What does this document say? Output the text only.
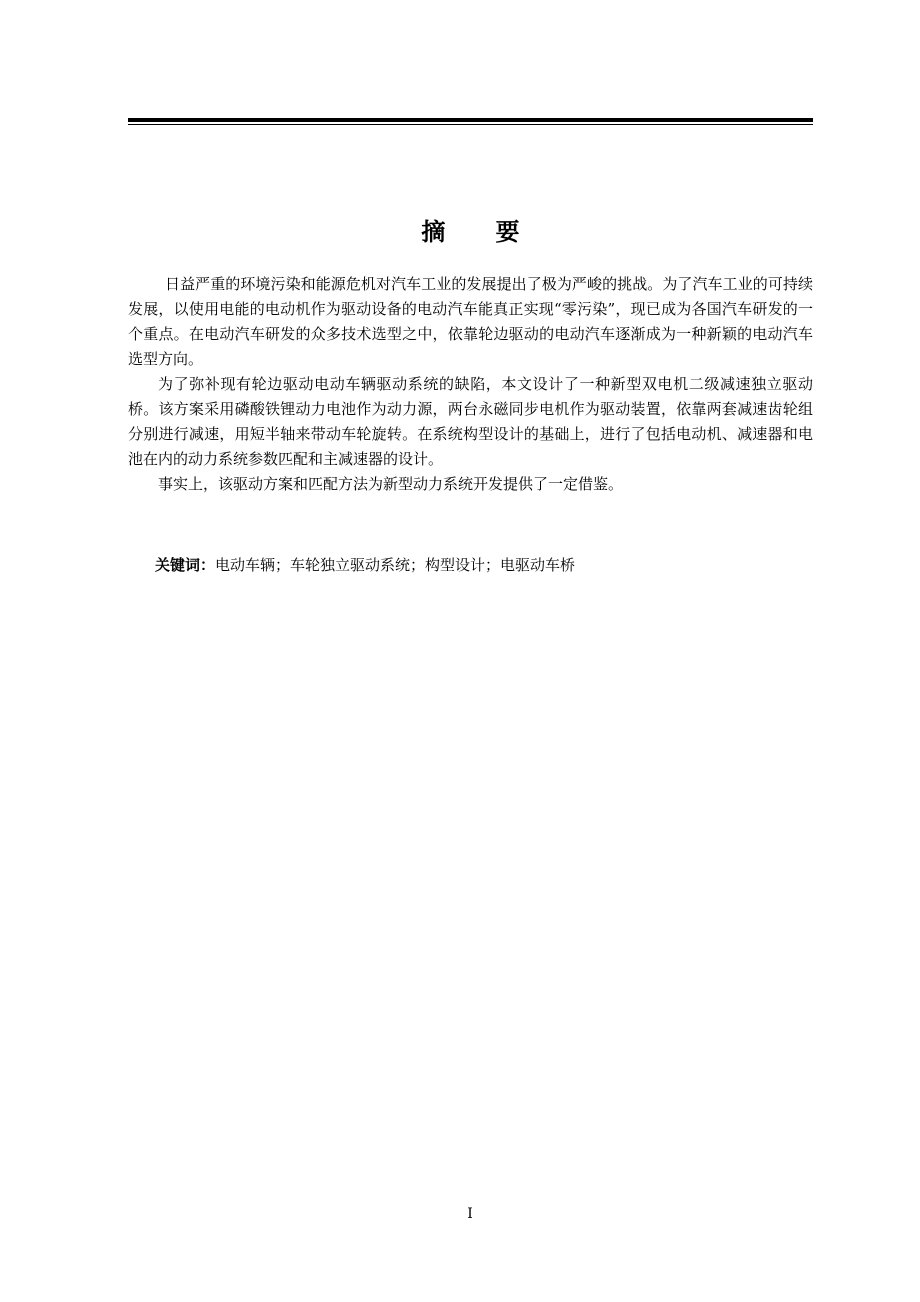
摘      要

日益严重的环境污染和能源危机对汽车工业的发展提出了极为严峻的挑战。为了汽车工业的可持续发展，以使用电能的电动机作为驱动设备的电动汽车能真正实现“零污染”，现已成为各国汽车研发的一个重点。在电动汽车研发的众多技术选型之中，依靠轮边驱动的电动汽车逐渐成为一种新颖的电动汽车选型方向。

为了弥补现有轮边驱动电动车辆驱动系统的缺陷，本文设计了一种新型双电机二级减速独立驱动桥。该方案采用磷酸铁锂动力电池作为动力源，两台永磁同步电机作为驱动装置，依靠两套减速齿轮组分别进行减速，用短半轴来带动车轮旋转。在系统构型设计的基础上，进行了包括电动机、减速器和电池在内的动力系统参数匹配和主减速器的设计。

事实上，该驱动方案和匹配方法为新型动力系统开发提供了一定借鉴。

关键词：电动车辆；车轮独立驱动系统；构型设计；电驱动车桥
I
